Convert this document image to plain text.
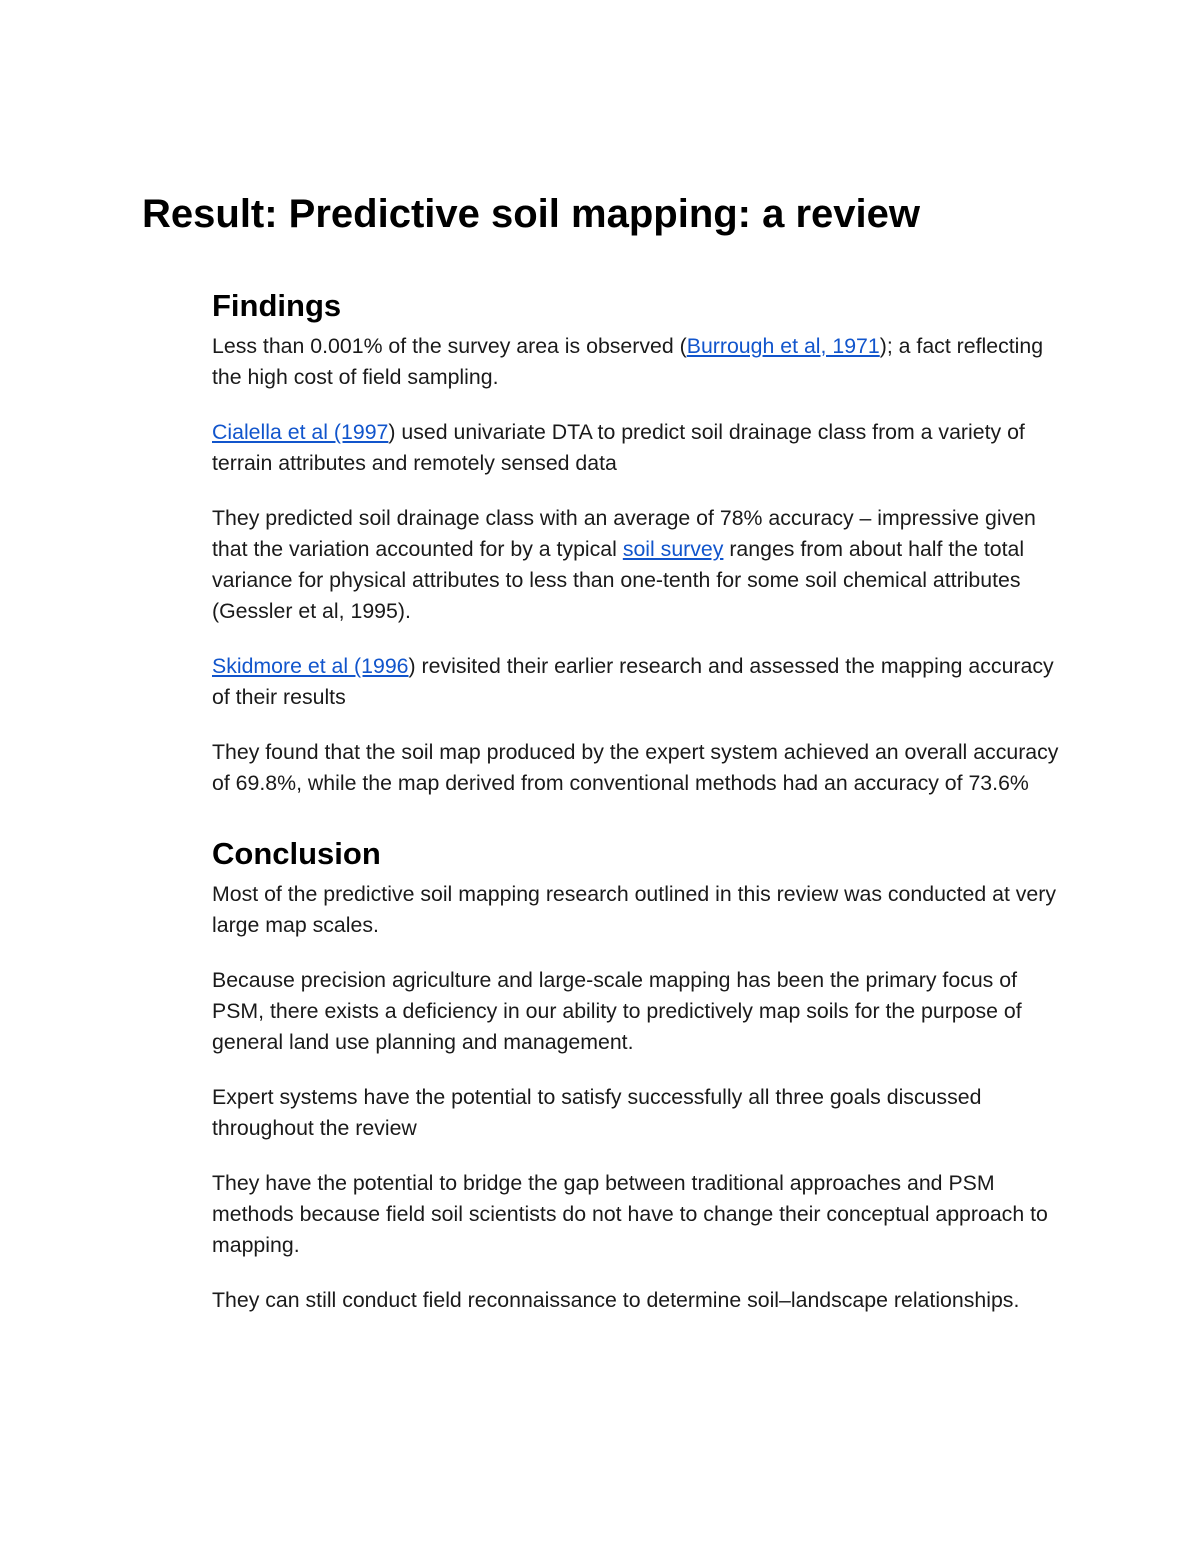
Result: Predictive soil mapping: a review
Findings

Less than 0.001% of the survey area is observed (Burrough et al, 1971); a fact reflecting the high cost of field sampling.

Cialella et al (1997) used univariate DTA to predict soil drainage class from a variety of terrain attributes and remotely sensed data

They predicted soil drainage class with an average of 78% accuracy – impressive given that the variation accounted for by a typical soil survey ranges from about half the total variance for physical attributes to less than one-tenth for some soil chemical attributes (Gessler et al, 1995).

Skidmore et al (1996) revisited their earlier research and assessed the mapping accuracy of their results

They found that the soil map produced by the expert system achieved an overall accuracy of 69.8%, while the map derived from conventional methods had an accuracy of 73.6%

Conclusion

Most of the predictive soil mapping research outlined in this review was conducted at very large map scales.

Because precision agriculture and large-scale mapping has been the primary focus of PSM, there exists a deficiency in our ability to predictively map soils for the purpose of general land use planning and management.

Expert systems have the potential to satisfy successfully all three goals discussed throughout the review

They have the potential to bridge the gap between traditional approaches and PSM methods because field soil scientists do not have to change their conceptual approach to mapping.

They can still conduct field reconnaissance to determine soil–landscape relationships.
